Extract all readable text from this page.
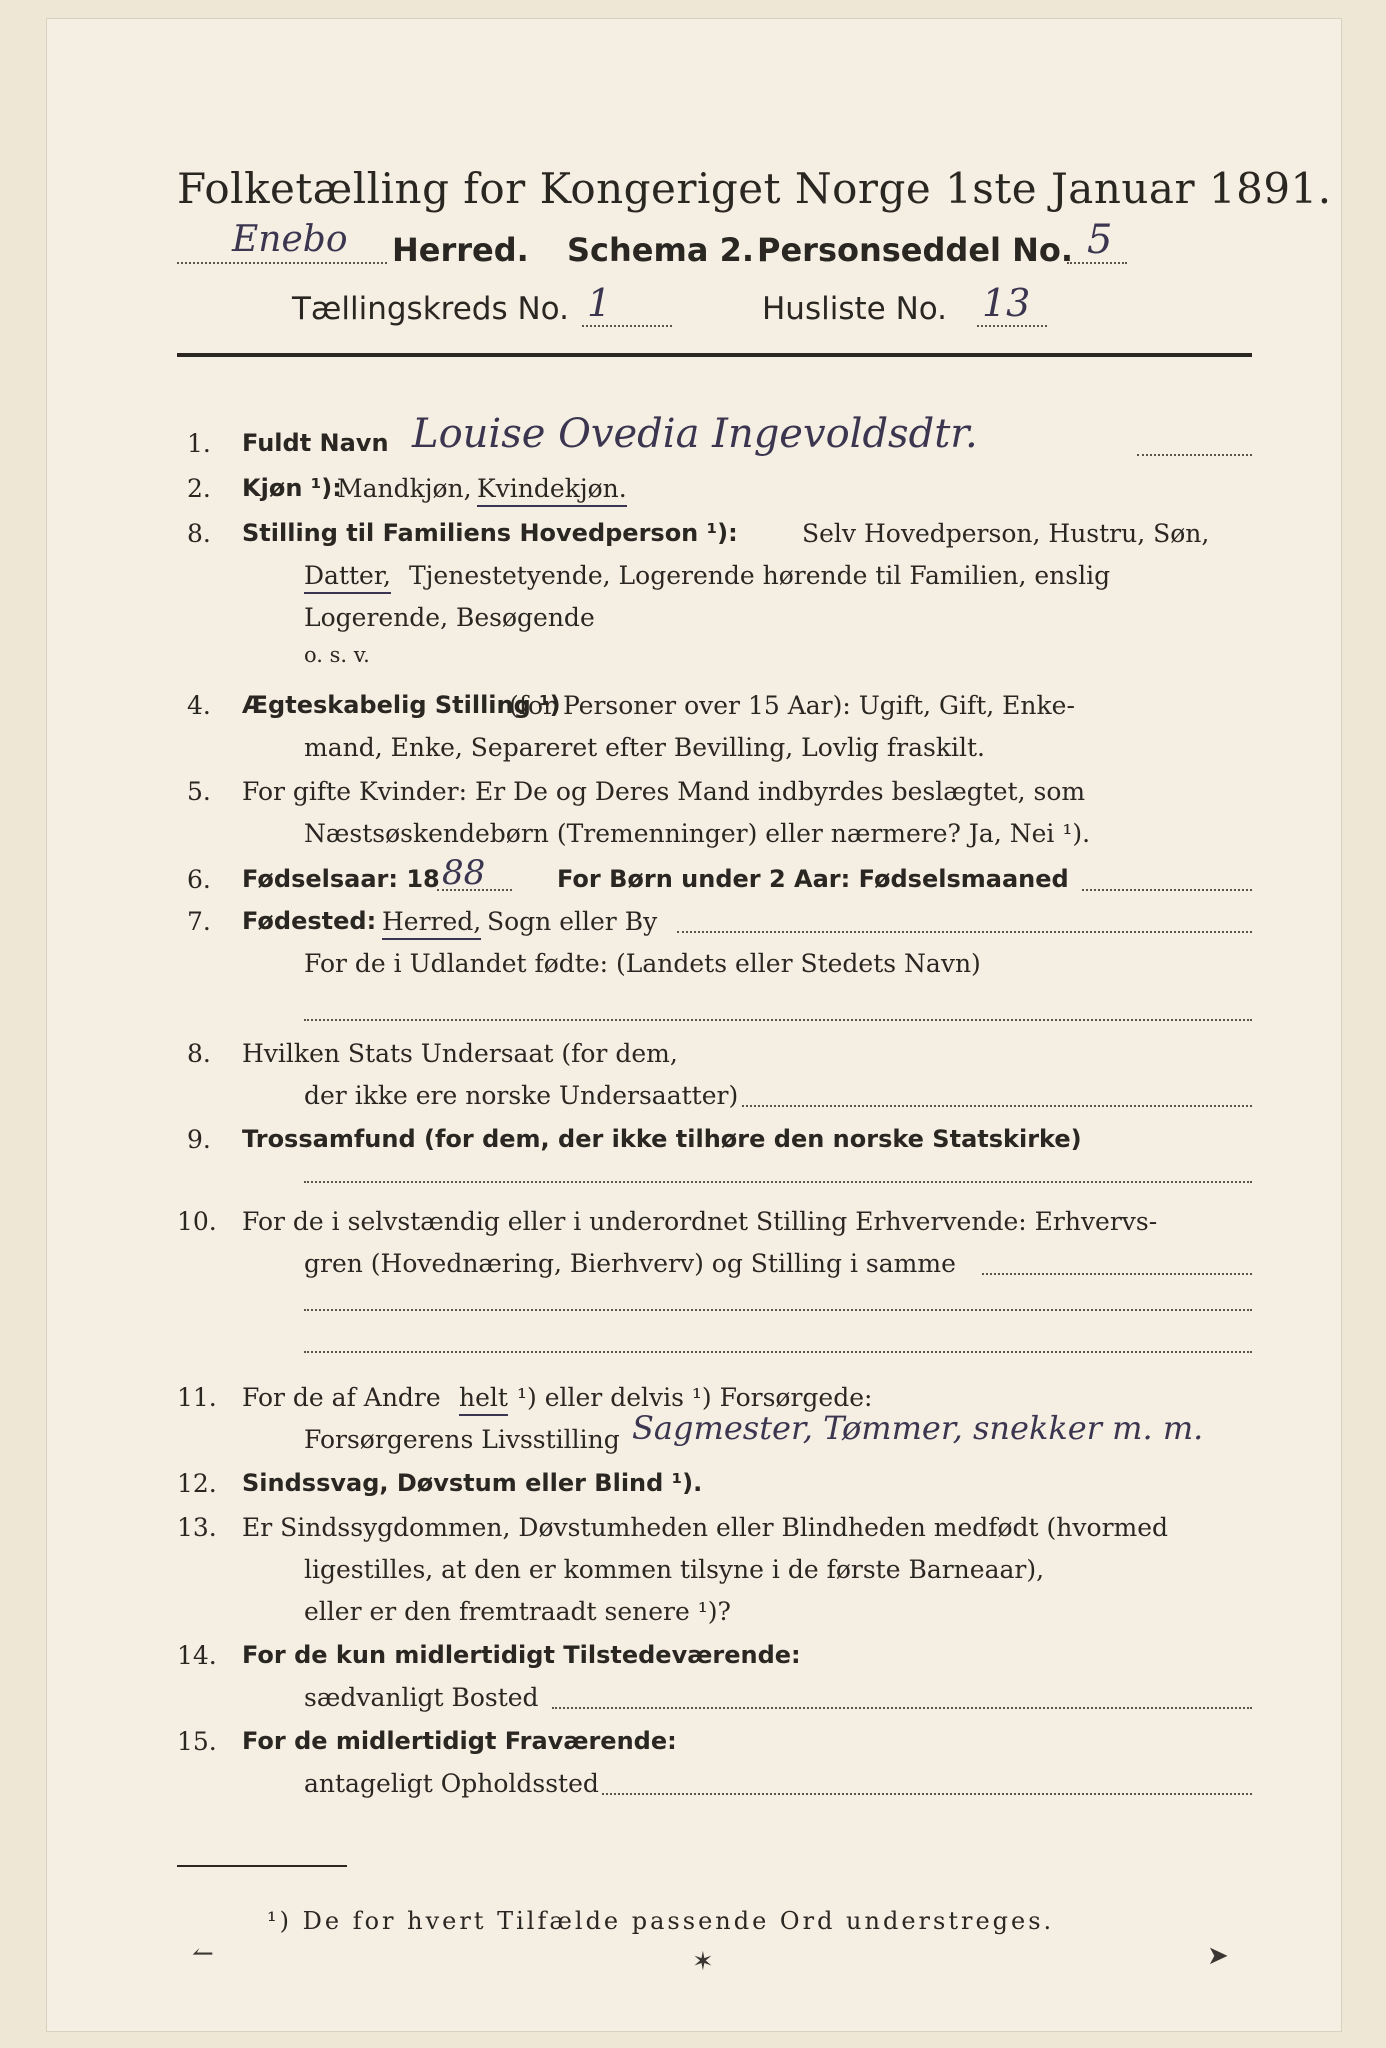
Folketælling for Kongeriget Norge 1ste Januar 1891.
Enebo Herred. Schema 2. Personseddel No. 5
Tællingskreds No. 1	Husliste No. 13
1. Fuldt Navn Louise Ovedia Ingevoldsdtr.
2. Kjøn ¹):
Mandkjøn, Kvindekjøn.
8. Stilling til Familiens Hovedperson ¹):	Selv Hovedperson, Hustru, Søn,
Datter, Tjenestetyende, Logerende hørende til Familien, enslig
Logerende, Besøgende
o. s. v.
4. Ægteskabelig Stilling ¹)
(for Personer over 15 Aar): Ugift, Gift, Enke-
mand, Enke, Separeret efter Bevilling, Lovlig fraskilt.
5. For gifte Kvinder: Er De og Deres Mand indbyrdes beslægtet, som
Næstsøskendebørn (Tremenninger) eller nærmere? Ja, Nei ¹).
6. Fødselsaar: 18 88	For Børn under 2 Aar: Fødselsmaaned
7. Fødested: Herred, Sogn eller By
For de i Udlandet fødte: (Landets eller Stedets Navn)
8. Hvilken Stats Undersaat (for dem,
der ikke ere norske Undersaatter)
9. Trossamfund (for dem, der ikke tilhøre den norske Statskirke)
10. For de i selvstændig eller i underordnet Stilling Erhvervende: Erhvervs-
gren (Hovednæring, Bierhverv) og Stilling i samme
11. For de af Andre helt ¹) eller delvis ¹) Forsørgede:
Forsørgerens Livsstilling Sagmester, Tømmer, snekker m. m.
12. Sindssvag, Døvstum eller Blind ¹).
13. Er Sindssygdommen, Døvstumheden eller Blindheden medfødt (hvormed
ligestilles, at den er kommen tilsyne i de første Barneaar),
eller er den fremtraadt senere ¹)?
14. For de kun midlertidigt Tilstedeværende:
sædvanligt Bosted
15. For de midlertidigt Fraværende:
antageligt Opholdssted
¹) De for hvert Tilfælde passende Ord understreges.
↼	✶	➤
